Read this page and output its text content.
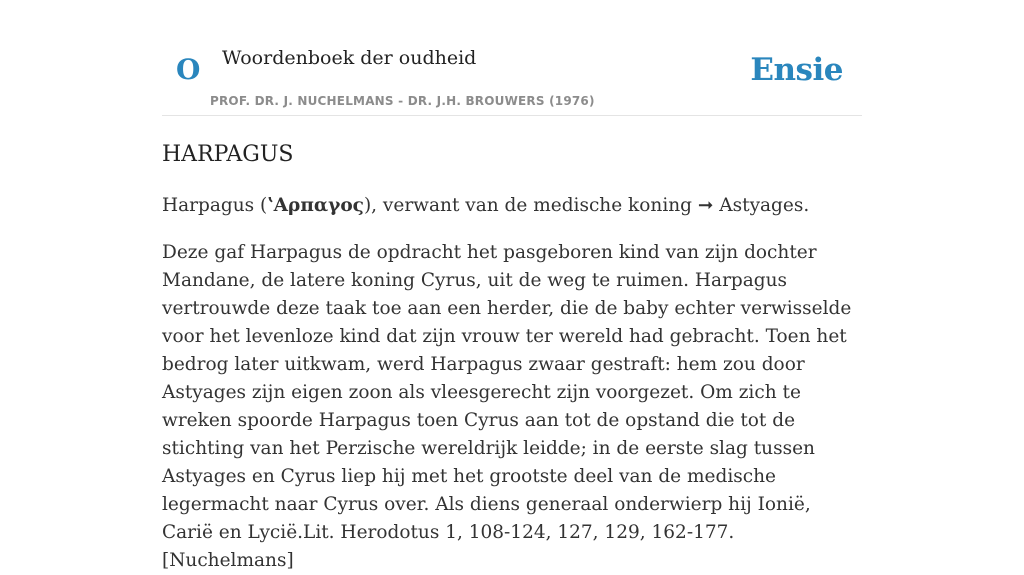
O Woordenboek der oudheid	Ensie
PROF. DR. J. NUCHELMANS - DR. J.H. BROUWERS (1976)
HARPAGUS

Harpagus (ʽΑρπαγος), verwant van de medische koning ➞ Astyages.

Deze gaf Harpagus de opdracht het pasgeboren kind van zijn dochter Mandane, de latere koning Cyrus, uit de weg te ruimen. Harpagus vertrouwde deze taak toe aan een herder, die de baby echter verwisselde voor het levenloze kind dat zijn vrouw ter wereld had gebracht. Toen het bedrog later uitkwam, werd Harpagus zwaar gestraft: hem zou door Astyages zijn eigen zoon als vleesgerecht zijn voorgezet. Om zich te wreken spoorde Harpagus toen Cyrus aan tot de opstand die tot de stichting van het Perzische wereldrijk leidde; in de eerste slag tussen Astyages en Cyrus liep hij met het grootste deel van de medische legermacht naar Cyrus over. Als diens generaal onderwierp hij Ionië, Carië en Lycië.Lit. Herodotus 1, 108-124, 127, 129, 162-177. [Nuchelmans]
